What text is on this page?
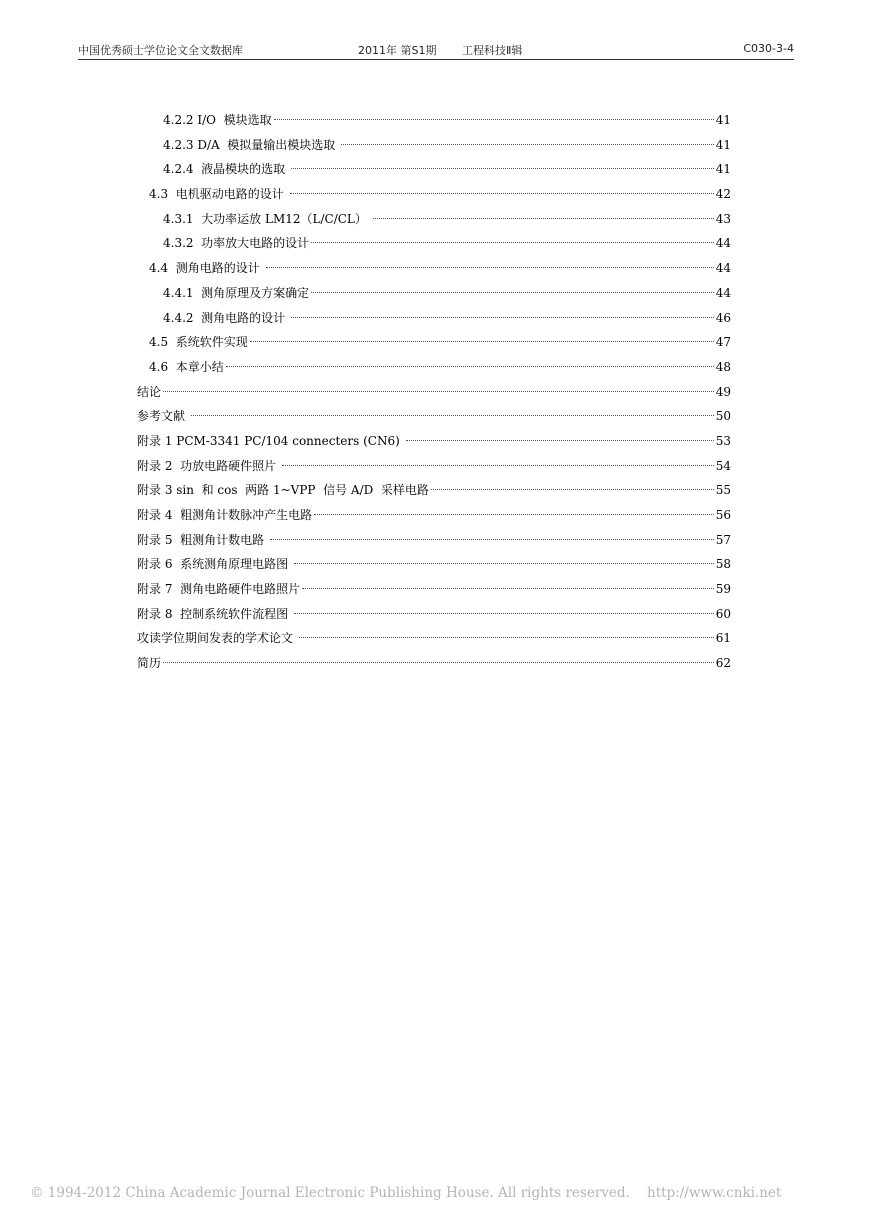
中国优秀硕士学位论文全文数据库	2011年 第S1期 工程科技Ⅱ辑	C030-3-4
4.2.2 I/O  模块选取	41
4.2.3 D/A  模拟量输出模块选取	41
4.2.4  液晶模块的选取	41
4.3  电机驱动电路的设计	42
4.3.1  大功率运放 LM12（L/C/CL）	43
4.3.2  功率放大电路的设计	44
4.4  测角电路的设计	44
4.4.1  测角原理及方案确定	44
4.4.2  测角电路的设计	46
4.5  系统软件实现	47
4.6  本章小结	48
结论	49
参考文献	50
附录 1 PCM-3341 PC/104 connecters (CN6)	53
附录 2  功放电路硬件照片	54
附录 3 sin  和 cos  两路 1~VPP  信号 A/D  采样电路	55
附录 4  粗测角计数脉冲产生电路	56
附录 5  粗测角计数电路	57
附录 6  系统测角原理电路图	58
附录 7  测角电路硬件电路照片	59
附录 8  控制系统软件流程图	60
攻读学位期间发表的学术论文	61
简历	62
© 1994-2012 China Academic Journal Electronic Publishing House. All rights reserved.    http://www.cnki.net
